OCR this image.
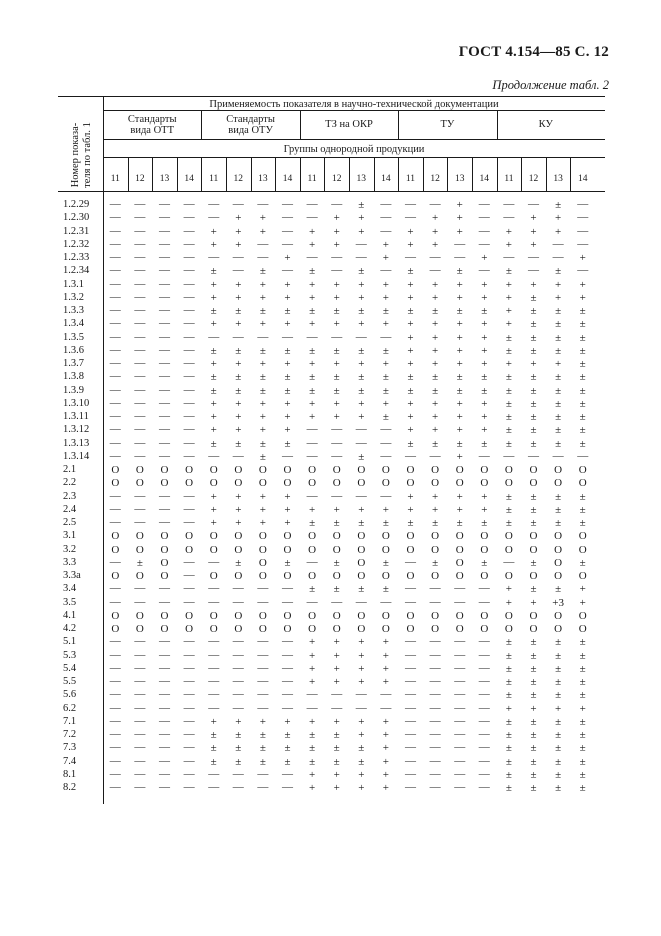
ГОСТ 4.154—85 С. 12
Продолжение табл. 2
Номер показа-
теля по табл. 1
Применяемость показателя в научно-технической документации
Группы однородной продукции
Стандарты
вида ОТТ
Стандарты
вида ОТУ
ТЗ на ОКР	ТУ	КУ
11	12	13	14	11	12	13	14	11	12	13	14	11	12	13	14	11	12	13	14
1.2.29	—	—	—	—	—	—	—	—	—	—	±	—	—	—	+	—	—	—	±	—
1.2.30	—	—	—	—	—	+	+	—	—	+	+	—	—	+	+	—	—	+	+	—
1.2.31	—	—	—	—	+	+	+	—	+	+	+	—	+	+	+	—	+	+	+	—
1.2.32	—	—	—	—	+	+	—	—	+	+	—	+	+	+	—	—	+	+	—	—
1.2.33	—	—	—	—	—	—	—	+	—	—	—	+	—	—	—	+	—	—	—	+
1.2.34	—	—	—	—	±	—	±	—	±	—	±	—	±	—	±	—	±	—	±	—
1.3.1	—	—	—	—	+	+	+	+	+	+	+	+	+	+	+	+	+	+	+	+
1.3.2	—	—	—	—	+	+	+	+	+	+	+	+	+	+	+	+	+	±	+	+
1.3.3	—	—	—	—	±	±	±	±	±	±	±	±	±	±	±	±	+	±	±	±
1.3.4	—	—	—	—	+	+	+	+	+	+	+	+	+	+	+	+	+	±	±	±
1.3.5	—	—	—	—	—	—	—	—	—	—	—	—	+	+	+	+	±	±	±	±
1.3.6	—	—	—	—	±	±	±	±	±	±	±	±	+	+	+	+	±	±	±	±
1.3.7	—	—	—	—	+	+	+	+	+	+	+	+	+	+	+	+	+	+	+	±
1.3.8	—	—	—	—	±	±	±	±	±	±	±	±	±	±	±	±	±	±	±	±
1.3.9	—	—	—	—	±	±	±	±	±	±	±	±	±	±	±	±	±	±	±	±
1.3.10	—	—	—	—	+	+	+	+	+	+	+	+	+	+	+	+	±	±	±	±
1.3.11	—	—	—	—	+	+	+	+	+	+	+	±	+	+	+	+	±	±	±	±
1.3.12	—	—	—	—	+	+	+	+	—	—	—	—	+	+	+	+	±	±	±	±
1.3.13	—	—	—	—	±	±	±	±	—	—	—	—	±	±	±	±	±	±	±	±
1.3.14	—	—	—	—	—	—	±	—	—	—	±	—	—	—	+	—	—	—	—	—
2.1	O	O	O	O	O	O	O	O	O	O	O	O	O	O	O	O	O	O	O	O
2.2	O	O	O	O	O	O	O	O	O	O	O	O	O	O	O	O	O	O	O	O
2.3	—	—	—	—	+	+	+	+	—	—	—	—	+	+	+	+	±	±	±	±
2.4	—	—	—	—	+	+	+	+	+	+	+	+	+	+	+	+	±	±	±	±
2.5	—	—	—	—	+	+	+	+	±	±	±	±	±	±	±	±	±	±	±	±
3.1	O	O	O	O	O	O	O	O	O	O	O	O	O	O	O	O	O	O	O	O
3.2	O	O	O	O	O	O	O	O	O	O	O	O	O	O	O	O	O	O	O	O
3.3	—	±	O	—	—	±	O	±	—	±	O	±	—	±	O	±	—	±	O	±
3.3a	O	O	O	—	O	O	O	O	O	O	O	O	O	O	O	O	O	O	O	O
3.4	—	—	—	—	—	—	—	—	±	±	±	±	—	—	—	—	+	±	±	+
3.5	—	—	—	—	—	—	—	—	—	—	—	—	—	—	—	—	+	+	+3	+
4.1	O	O	O	O	O	O	O	O	O	O	O	O	O	O	O	O	O	O	O	O
4.2	O	O	O	O	O	O	O	O	O	O	O	O	O	O	O	O	O	O	O	O
5.1	—	—	—	—	—	—	—	—	+	+	+	+	—	—	—	—	±	±	±	±
5.3	—	—	—	—	—	—	—	—	+	+	+	+	—	—	—	—	±	±	±	±
5.4	—	—	—	—	—	—	—	—	+	+	+	+	—	—	—	—	±	±	±	±
5.5	—	—	—	—	—	—	—	—	+	+	+	+	—	—	—	—	±	±	±	±
5.6	—	—	—	—	—	—	—	—	—	—	—	—	—	—	—	—	±	±	±	±
6.2	—	—	—	—	—	—	—	—	—	—	—	—	—	—	—	—	+	+	+	+
7.1	—	—	—	—	+	+	+	+	+	+	+	+	—	—	—	—	±	±	±	±
7.2	—	—	—	—	±	±	±	±	±	±	+	+	—	—	—	—	±	±	±	±
7.3	—	—	—	—	±	±	±	±	±	±	±	+	—	—	—	—	±	±	±	±
7.4	—	—	—	—	±	±	±	±	±	±	±	+	—	—	—	—	±	±	±	±
8.1	—	—	—	—	—	—	—	—	+	+	+	+	—	—	—	—	±	±	±	±
8.2	—	—	—	—	—	—	—	—	+	+	+	+	—	—	—	—	±	±	±	±
